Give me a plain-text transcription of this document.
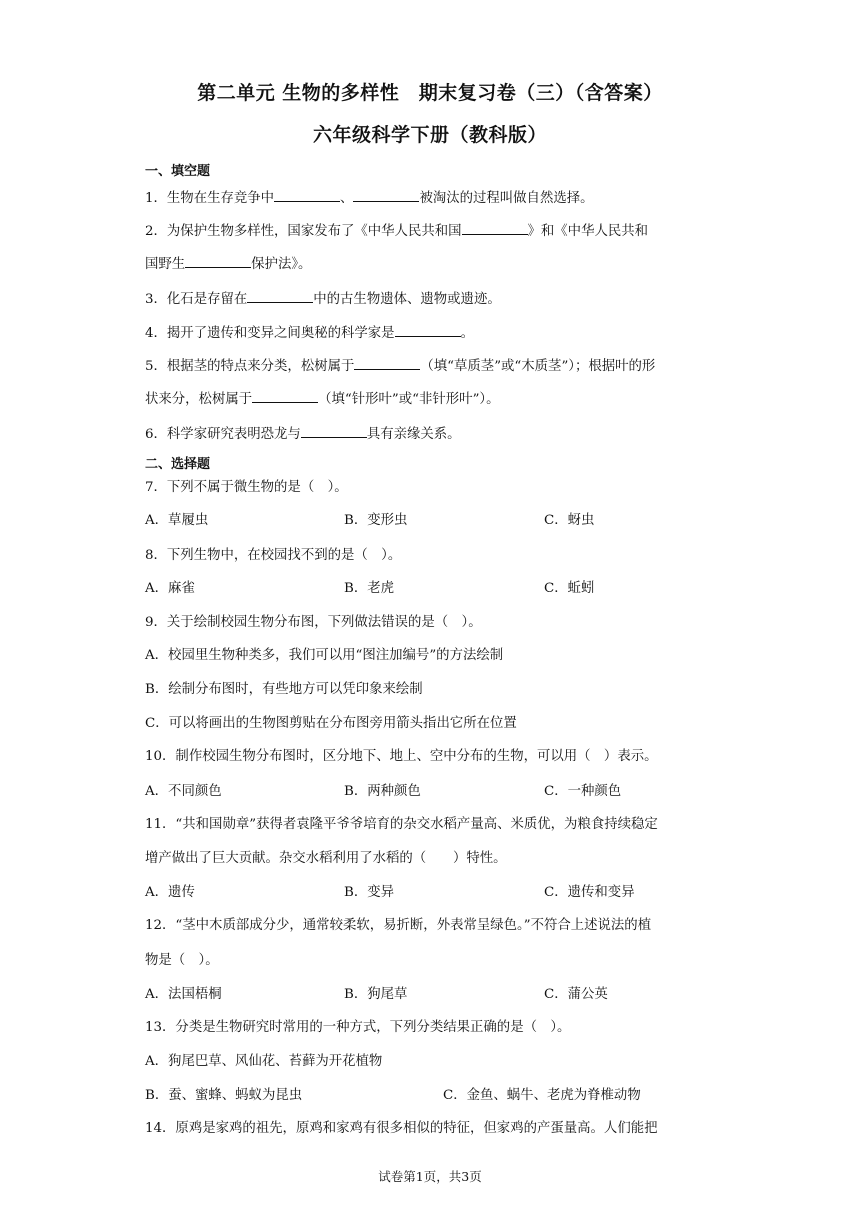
第二单元 生物的多样性　期末复习卷（三）（含答案）
六年级科学下册（教科版）
一、填空题
1．生物在生存竞争中	、	被淘汰的过程叫做自然选择。
2．为保护生物多样性，国家发布了《中华人民共和国	》和《中华人民共和
国野生	保护法》。
3．化石是存留在	中的古生物遗体、遗物或遗迹。
4．揭开了遗传和变异之间奥秘的科学家是	。
5．根据茎的特点来分类，松树属于	（填“草质茎”或“木质茎”）；根据叶的形
状来分，松树属于	（填“针形叶”或“非针形叶”）。
6．科学家研究表明恐龙与	具有亲缘关系。
二、选择题
7．下列不属于微生物的是（　）。
A．草履虫	B．变形虫	C．蚜虫
8．下列生物中，在校园找不到的是（　）。
A．麻雀	B．老虎	C．蚯蚓
9．关于绘制校园生物分布图，下列做法错误的是（　）。
A．校园里生物种类多，我们可以用“图注加编号”的方法绘制
B．绘制分布图时，有些地方可以凭印象来绘制
C．可以将画出的生物图剪贴在分布图旁用箭头指出它所在位置
10．制作校园生物分布图时，区分地下、地上、空中分布的生物，可以用（　）表示。
A．不同颜色	B．两种颜色	C．一种颜色
11．“共和国勋章”获得者袁隆平爷爷培育的杂交水稻产量高、米质优，为粮食持续稳定
增产做出了巨大贡献。杂交水稻利用了水稻的（　　）特性。
A．遗传	B．变异	C．遗传和变异
12．“茎中木质部成分少，通常较柔软，易折断，外表常呈绿色。”不符合上述说法的植
物是（　）。
A．法国梧桐	B．狗尾草	C．蒲公英
13．分类是生物研究时常用的一种方式，下列分类结果正确的是（　）。
A．狗尾巴草、风仙花、苔藓为开花植物
B．蚕、蜜蜂、蚂蚁为昆虫	C．金鱼、蜗牛、老虎为脊椎动物
14．原鸡是家鸡的祖先，原鸡和家鸡有很多相似的特征，但家鸡的产蛋量高。人们能把
试卷第1页，共3页
